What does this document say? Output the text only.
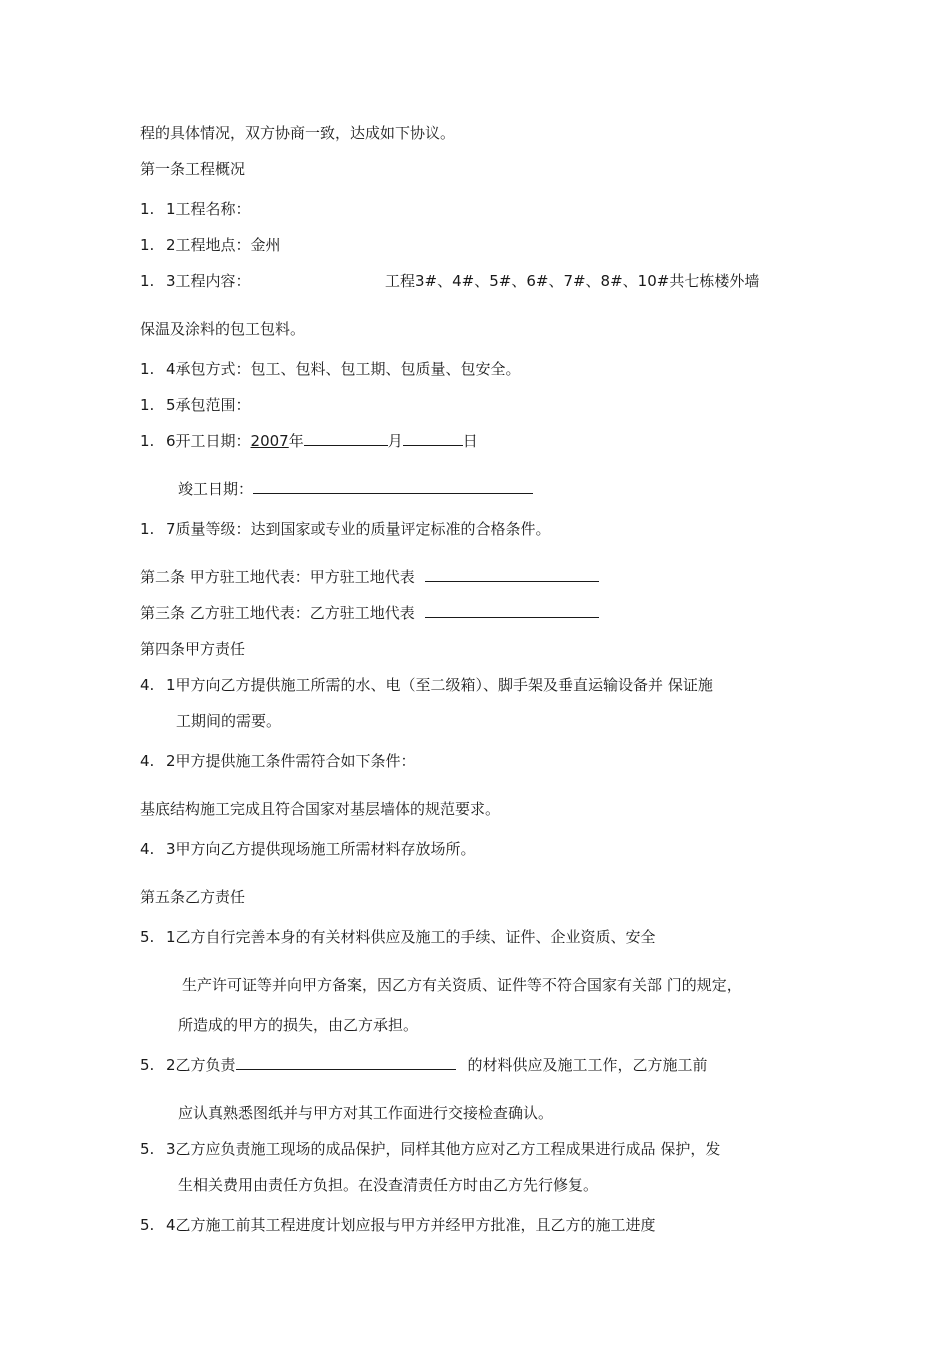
程的具体情况，双方协商一致，达成如下协议。
第一条工程概况
1. 1工程名称：
1. 2工程地点：金州
1. 3工程内容：	工程3#、4#、5#、6#、7#、8#、10#共七栋楼外墙
保温及涂料的包工包料。
1. 4承包方式：包工、包料、包工期、包质量、包安全。
1. 5承包范围：
1. 6开工日期：2007年	月	日
竣工日期：
1. 7质量等级：达到国家或专业的质量评定标准的合格条件。
第二条 甲方驻工地代表：甲方驻工地代表
第三条 乙方驻工地代表：乙方驻工地代表
第四条甲方责任
4. 1甲方向乙方提供施工所需的水、电（至二级箱）、脚手架及垂直运输设备并 保证施
工期间的需要。
4. 2甲方提供施工条件需符合如下条件：
基底结构施工完成且符合国家对基层墙体的规范要求。
4. 3甲方向乙方提供现场施工所需材料存放场所。
第五条乙方责任
5. 1乙方自行完善本身的有关材料供应及施工的手续、证件、企业资质、安全
生产许可证等并向甲方备案，因乙方有关资质、证件等不符合国家有关部 门的规定，
所造成的甲方的损失，由乙方承担。
5. 2乙方负责	的材料供应及施工工作，乙方施工前
应认真熟悉图纸并与甲方对其工作面进行交接检查确认。
5. 3乙方应负责施工现场的成品保护，同样其他方应对乙方工程成果进行成品 保护，发
生相关费用由责任方负担。在没查清责任方时由乙方先行修复。
5. 4乙方施工前其工程进度计划应报与甲方并经甲方批准，且乙方的施工进度
